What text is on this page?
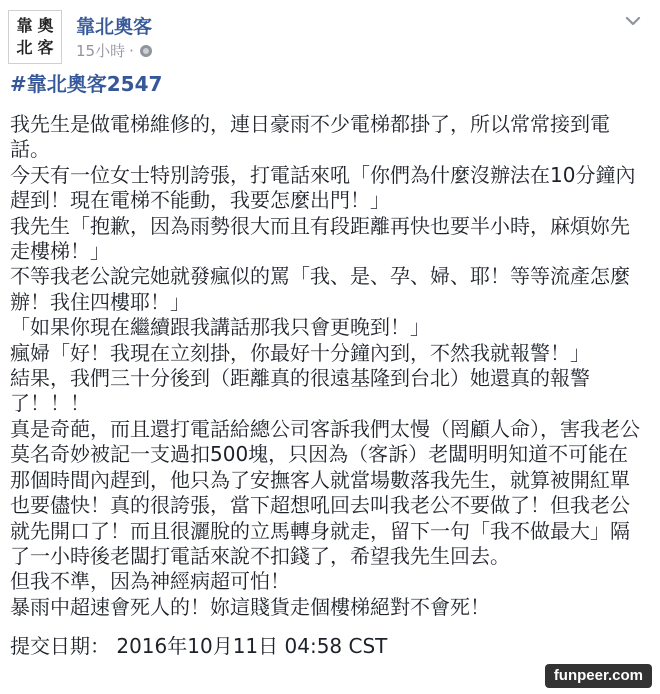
靠 奧
北 客
靠北奧客
15小時 ·

#靠北奧客2547

我先生是做電梯維修的，連日豪雨不少電梯都掛了，所以常常接到電話。

今天有一位女士特別誇張，打電話來吼「你們為什麼沒辦法在10分鐘內趕到！現在電梯不能動，我要怎麼出門！」

我先生「抱歉，因為雨勢很大而且有段距離再快也要半小時，麻煩妳先走樓梯！」

不等我老公說完她就發瘋似的罵「我、是、孕、婦、耶！等等流產怎麼辦！我住四樓耶！」

「如果你現在繼續跟我講話那我只會更晚到！」

瘋婦「好！我現在立刻掛，你最好十分鐘內到，不然我就報警！」

結果，我們三十分後到（距離真的很遠基隆到台北）她還真的報警了！！！

真是奇葩，而且還打電話給總公司客訴我們太慢（罔顧人命），害我老公莫名奇妙被記一支過扣500塊，只因為（客訴）老闆明明知道不可能在那個時間內趕到，他只為了安撫客人就當場數落我先生，就算被開紅單也要儘快！真的很誇張，當下超想吼回去叫我老公不要做了！但我老公就先開口了！而且很灑脫的立馬轉身就走，留下一句「我不做最大」隔了一小時後老闆打電話來說不扣錢了，希望我先生回去。

但我不準，因為神經病超可怕！

暴雨中超速會死人的！妳這賤貨走個樓梯絕對不會死！

提交日期： 2016年10月11日 04:58 CST

funpeer.com
